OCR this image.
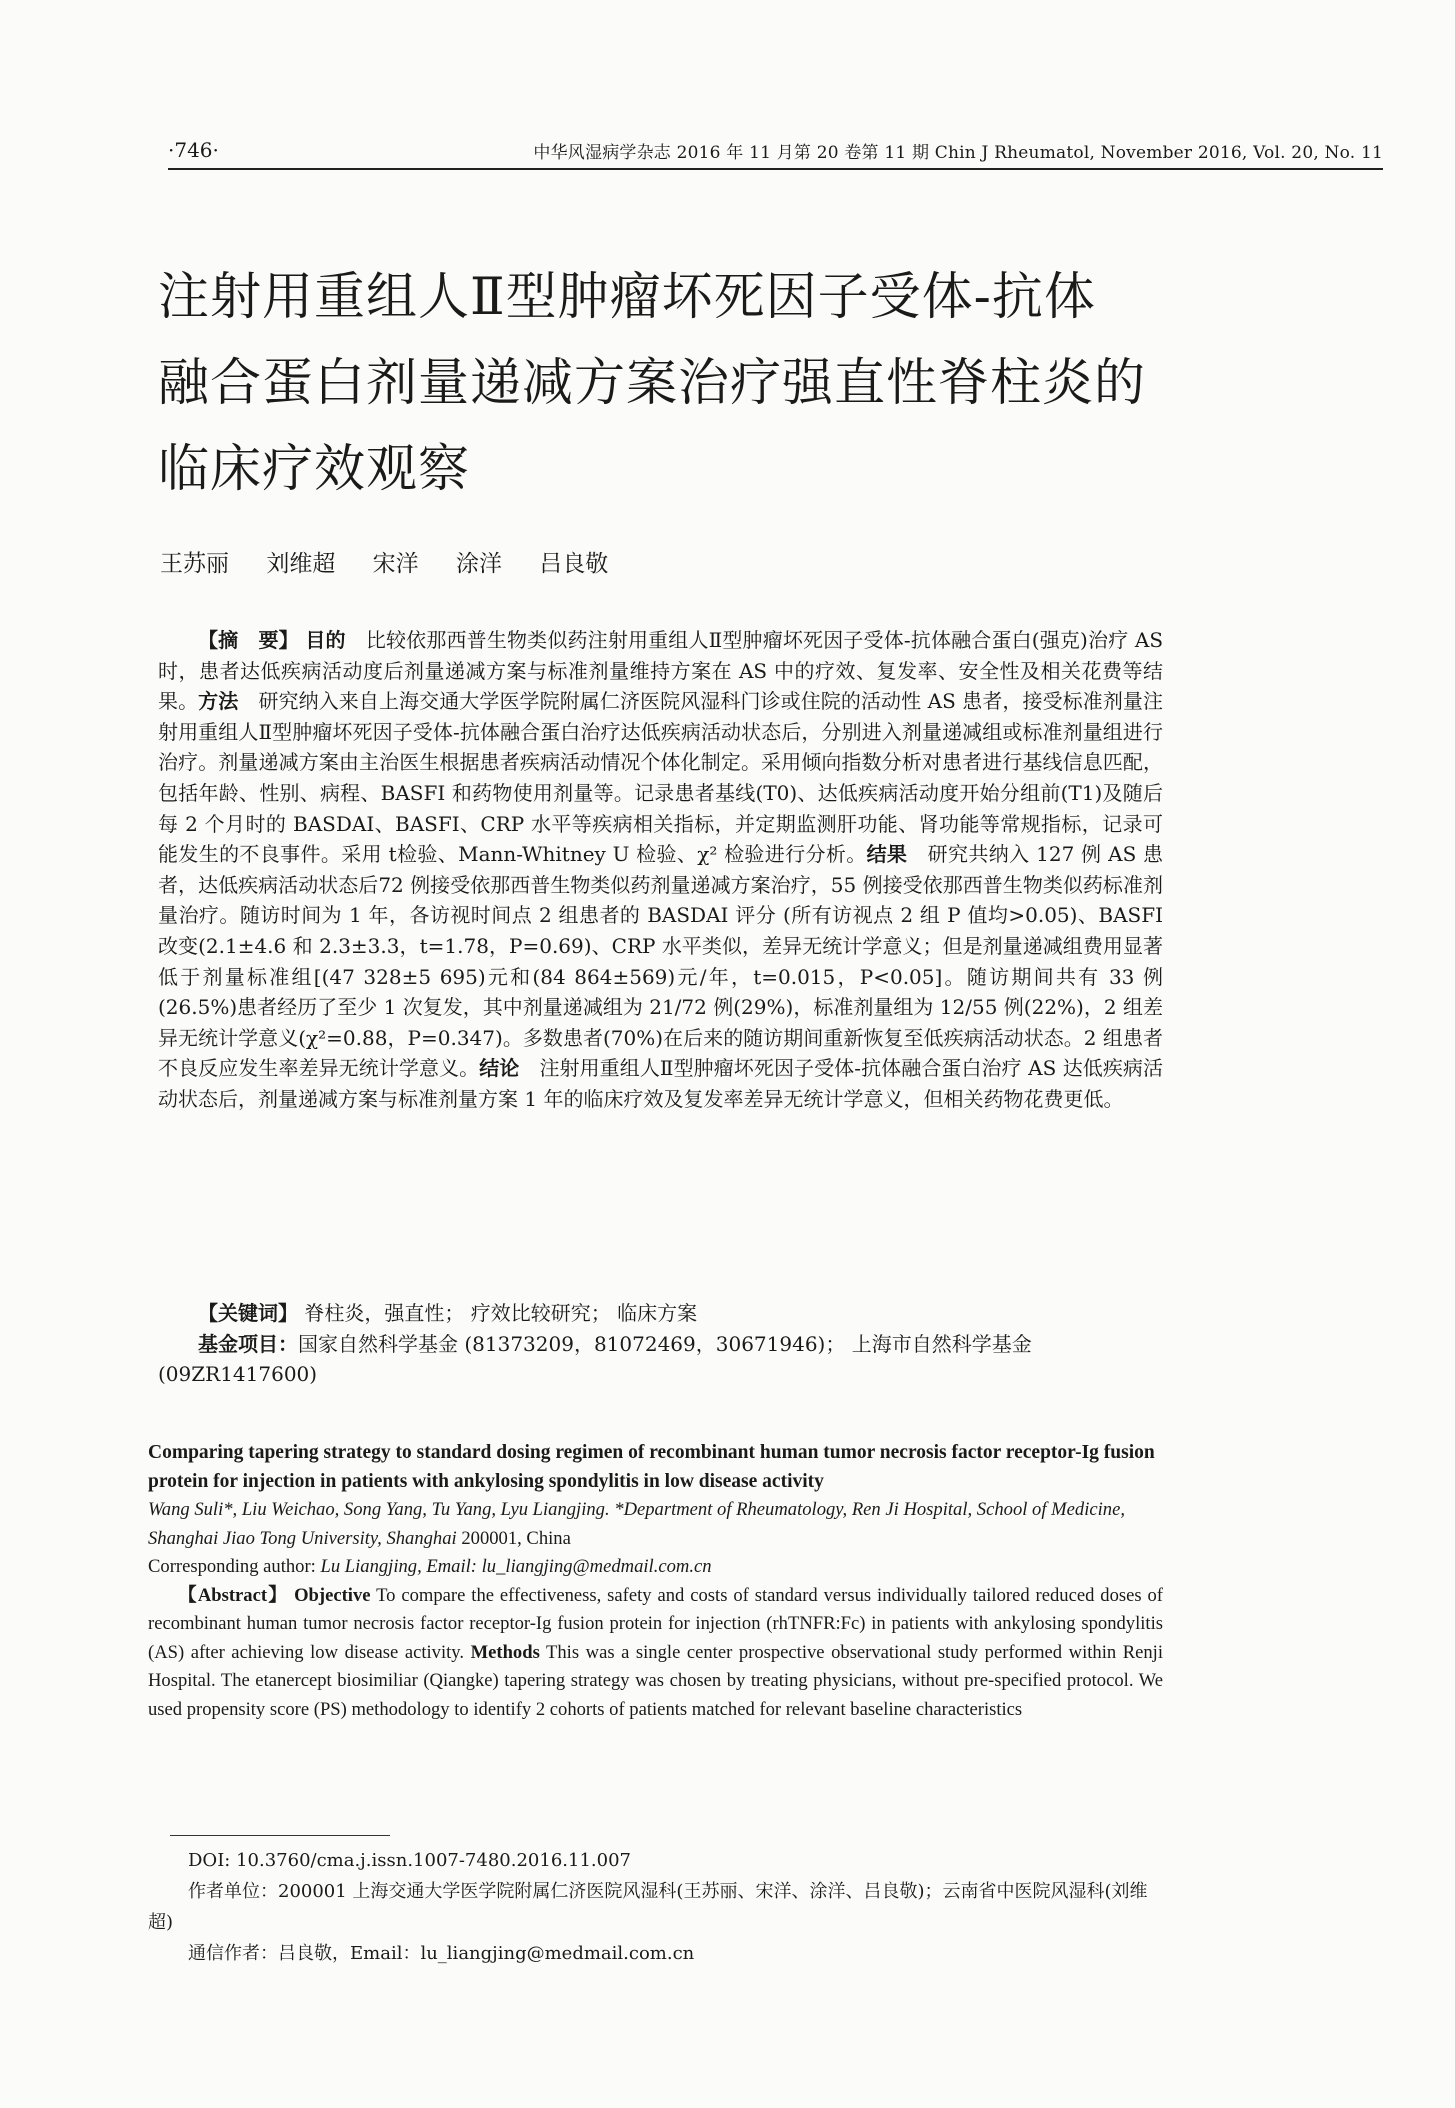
·746·	中华风湿病学杂志 2016 年 11 月第 20 卷第 11 期 Chin J Rheumatol, November 2016, Vol. 20, No. 11
注射用重组人Ⅱ型肿瘤坏死因子受体-抗体
融合蛋白剂量递减方案治疗强直性脊柱炎的
临床疗效观察
王苏丽 刘维超 宋洋 涂洋 吕良敬

【摘　要】 目的　 比较依那西普生物类似药注射用重组人Ⅱ型肿瘤坏死因子受体-抗体融合蛋白(强克)治疗 AS 时，患者达低疾病活动度后剂量递减方案与标准剂量维持方案在 AS 中的疗效、复发率、安全性及相关花费等结果。方法　 研究纳入来自上海交通大学医学院附属仁济医院风湿科门诊或住院的活动性 AS 患者，接受标准剂量注射用重组人Ⅱ型肿瘤坏死因子受体-抗体融合蛋白治疗达低疾病活动状态后，分别进入剂量递减组或标准剂量组进行治疗。剂量递减方案由主治医生根据患者疾病活动情况个体化制定。采用倾向指数分析对患者进行基线信息匹配，包括年龄、性别、病程、BASFI 和药物使用剂量等。记录患者基线(T0)、达低疾病活动度开始分组前(T1)及随后每 2 个月时的 BASDAI、BASFI、CRP 水平等疾病相关指标，并定期监测肝功能、肾功能等常规指标，记录可能发生的不良事件。采用 t检验、Mann-Whitney U 检验、χ² 检验进行分析。结果　 研究共纳入 127 例 AS 患者，达低疾病活动状态后72 例接受依那西普生物类似药剂量递减方案治疗，55 例接受依那西普生物类似药标准剂量治疗。随访时间为 1 年，各访视时间点 2 组患者的 BASDAI 评分 (所有访视点 2 组 P 值均>0.05)、BASFI 改变(2.1±4.6 和 2.3±3.3，t=1.78，P=0.69)、CRP 水平类似，差异无统计学意义；但是剂量递减组费用显著低于剂量标准组[(47 328±5 695)元和(84 864±569)元/年，t=0.015，P<0.05]。随访期间共有 33 例(26.5%)患者经历了至少 1 次复发，其中剂量递减组为 21/72 例(29%)，标准剂量组为 12/55 例(22%)，2 组差异无统计学意义(χ²=0.88，P=0.347)。多数患者(70%)在后来的随访期间重新恢复至低疾病活动状态。2 组患者不良反应发生率差异无统计学意义。结论　 注射用重组人Ⅱ型肿瘤坏死因子受体-抗体融合蛋白治疗 AS 达低疾病活动状态后，剂量递减方案与标准剂量方案 1 年的临床疗效及复发率差异无统计学意义，但相关药物花费更低。

【关键词】 脊柱炎，强直性； 疗效比较研究； 临床方案

基金项目：国家自然科学基金 (81373209，81072469，30671946)； 上海市自然科学基金(09ZR1417600)

Comparing tapering strategy to standard dosing regimen of recombinant human tumor necrosis factor receptor-Ig fusion protein for injection in patients with ankylosing spondylitis in low disease activity

Wang Suli*, Liu Weichao, Song Yang, Tu Yang, Lyu Liangjing. *Department of Rheumatology, Ren Ji Hospital, School of Medicine, Shanghai Jiao Tong University, Shanghai 200001, China

Corresponding author: Lu Liangjing, Email: lu_liangjing@medmail.com.cn

【Abstract】 Objective To compare the effectiveness, safety and costs of standard versus individually tailored reduced doses of recombinant human tumor necrosis factor receptor-Ig fusion protein for injection (rhTNFR:Fc) in patients with ankylosing spondylitis (AS) after achieving low disease activity. Methods This was a single center prospective observational study performed within Renji Hospital. The etanercept biosimiliar (Qiangke) tapering strategy was chosen by treating physicians, without pre-specified protocol. We used propensity score (PS) methodology to identify 2 cohorts of patients matched for relevant baseline characteristics

DOI: 10.3760/cma.j.issn.1007-7480.2016.11.007

作者单位：200001 上海交通大学医学院附属仁济医院风湿科(王苏丽、宋洋、涂洋、吕良敬)；云南省中医院风湿科(刘维超)

通信作者：吕良敬，Email：lu_liangjing@medmail.com.cn
